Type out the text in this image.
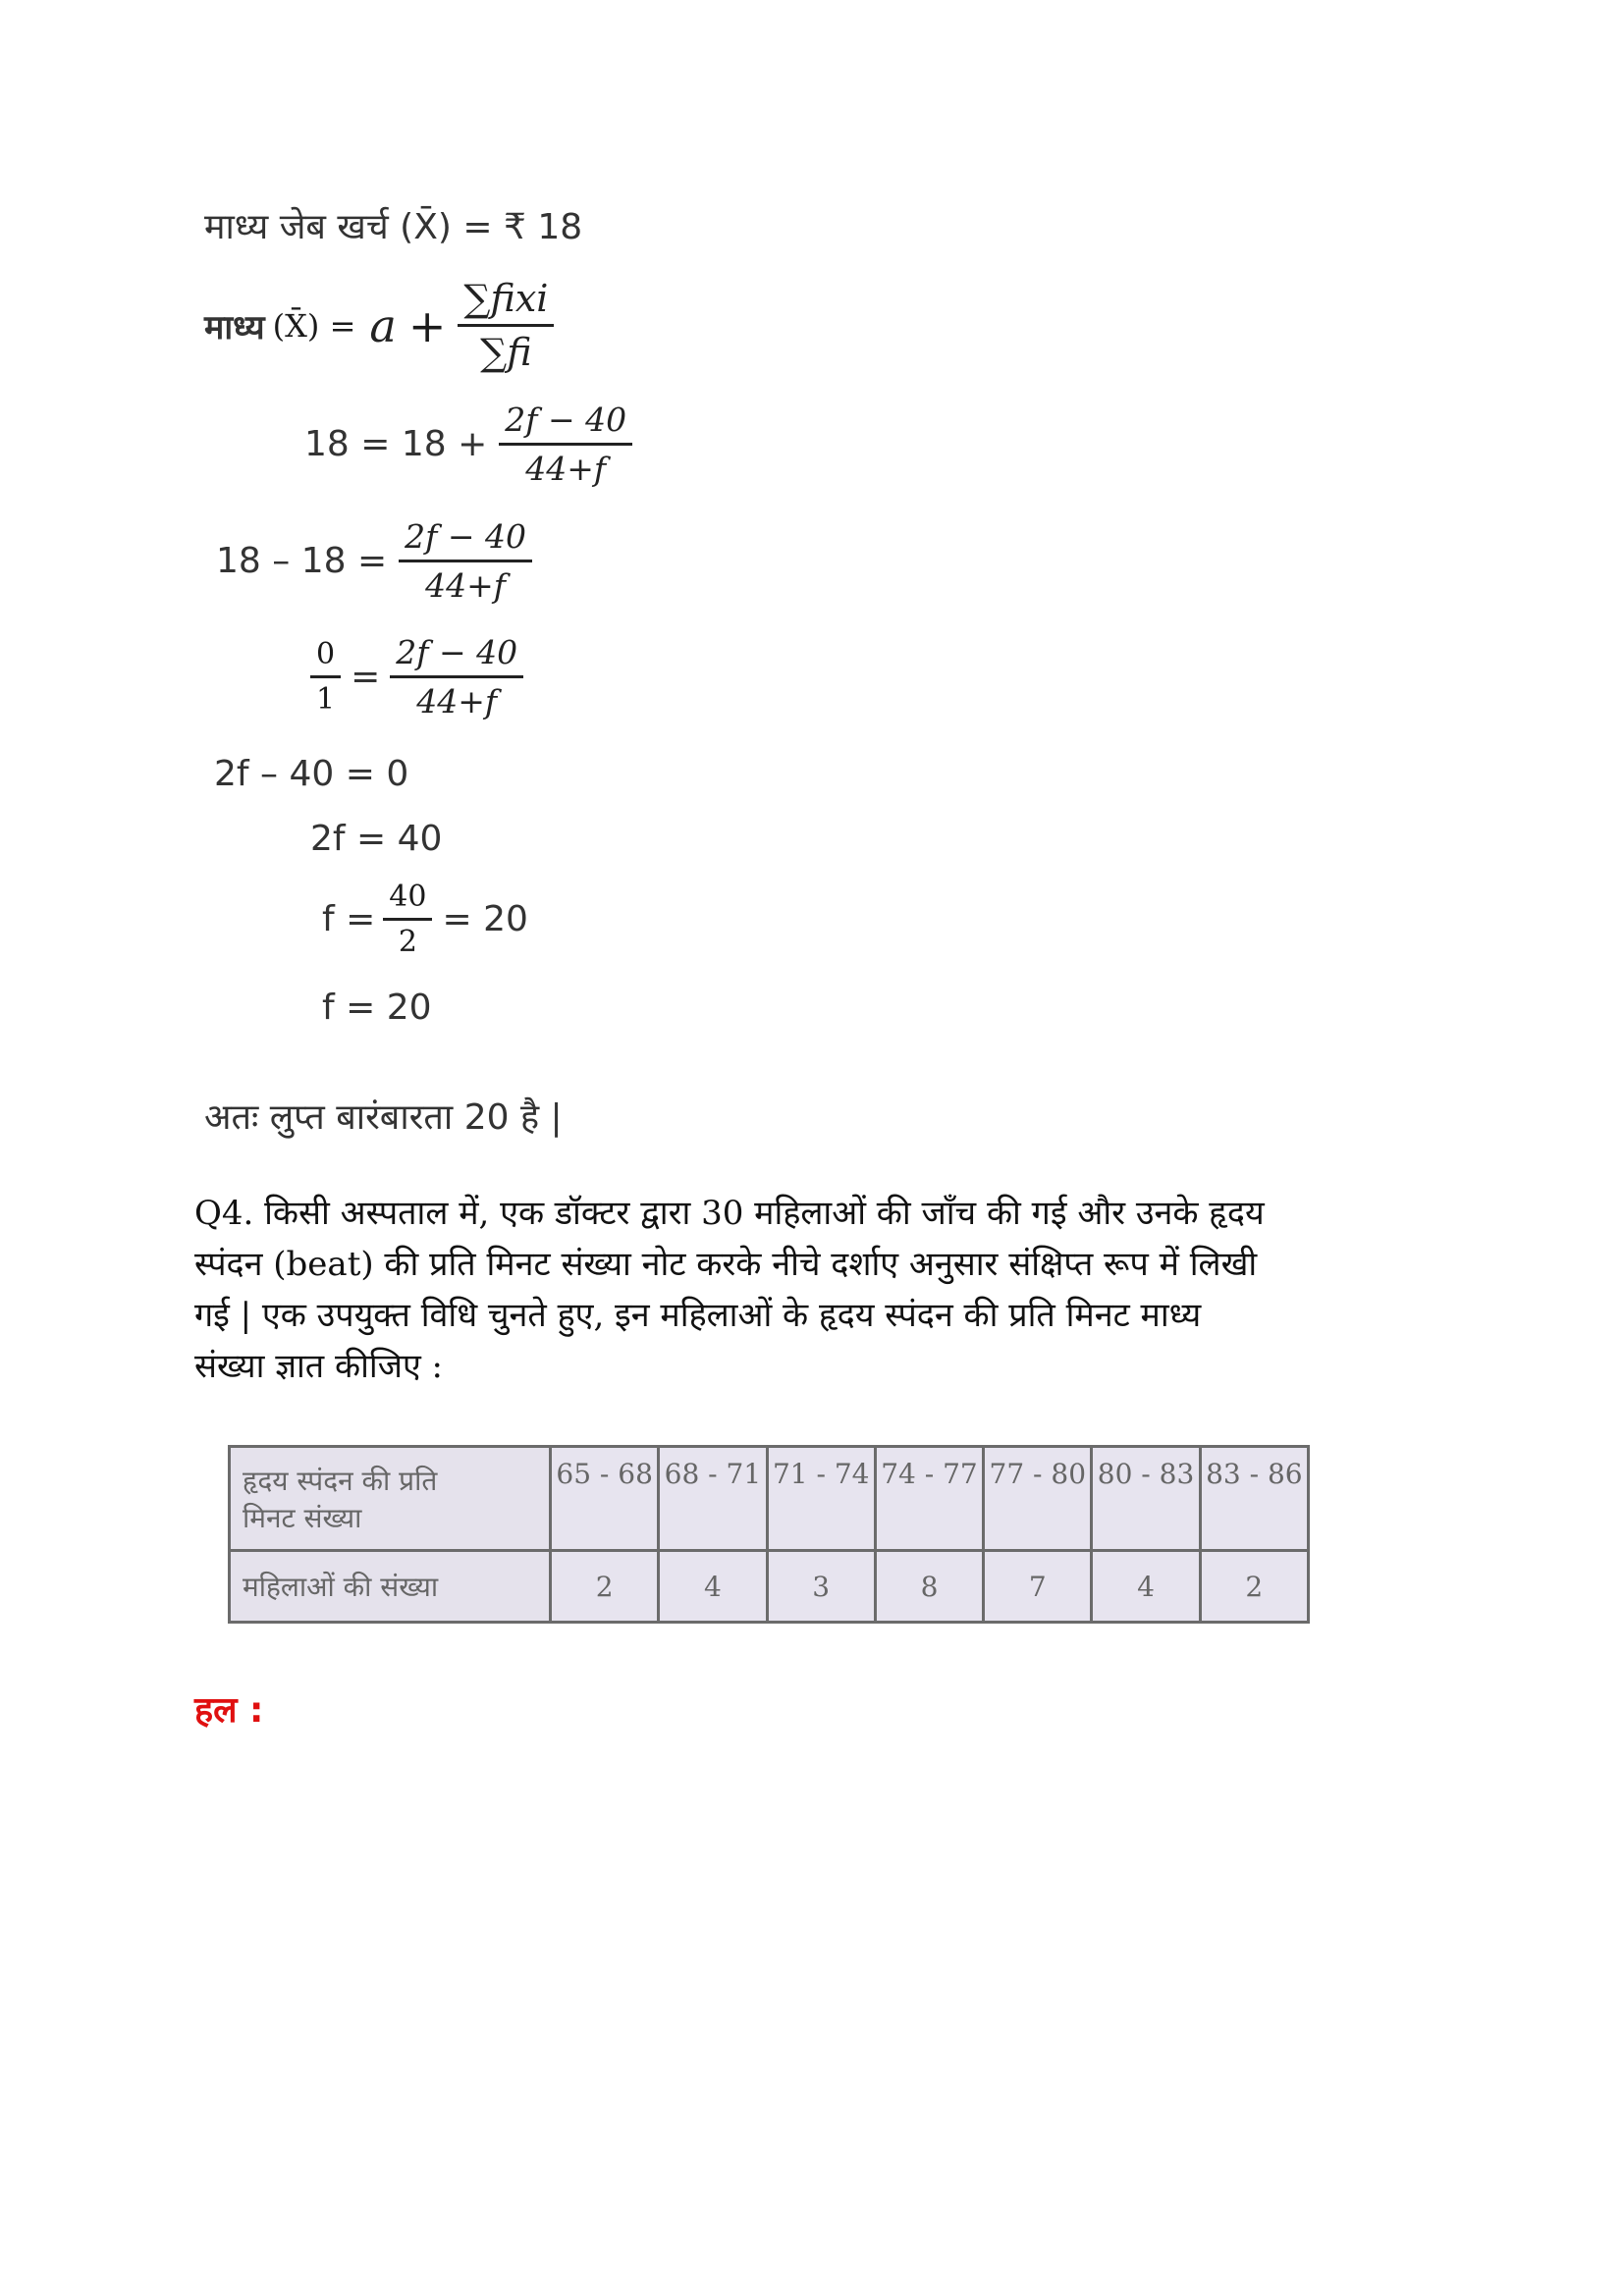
माध्य जेब खर्च (X̄) = ₹ 18
माध्य (X̄) = $a + \frac{\text{∑fixi}}{\sum fi}$
$18 = 18 + \frac{2f - 40}{44+f}$
$18 - 18 = \frac{2f - 40}{44+f}$
$\frac{0}{1} = \frac{2f - 40}{44+f}$
2f – 40 = 0
2f = 40
$f = \frac{40}{2} = 20$
f = 20
अतः लुप्त बारंबारता 20 है |
Q4. किसी अस्पताल में, एक डॉक्टर द्वारा 30 महिलाओं की जाँच की गई और उनके हृदय
स्पंदन (beat) की प्रति मिनट संख्या नोट करके नीचे दर्शाए अनुसार संक्षिप्त रूप में लिखी
गई | एक उपयुक्त विधि चुनते हुए, इन महिलाओं के हृदय स्पंदन की प्रति मिनट माध्य
संख्या ज्ञात कीजिए :
हृदय स्पंदन की प्रति
मिनट संख्या	65 - 68	68 - 71	71 - 74	74 - 77	77 - 80	80 - 83	83 - 86
महिलाओं की संख्या	2	4	3	8	7	4	2
हल :
